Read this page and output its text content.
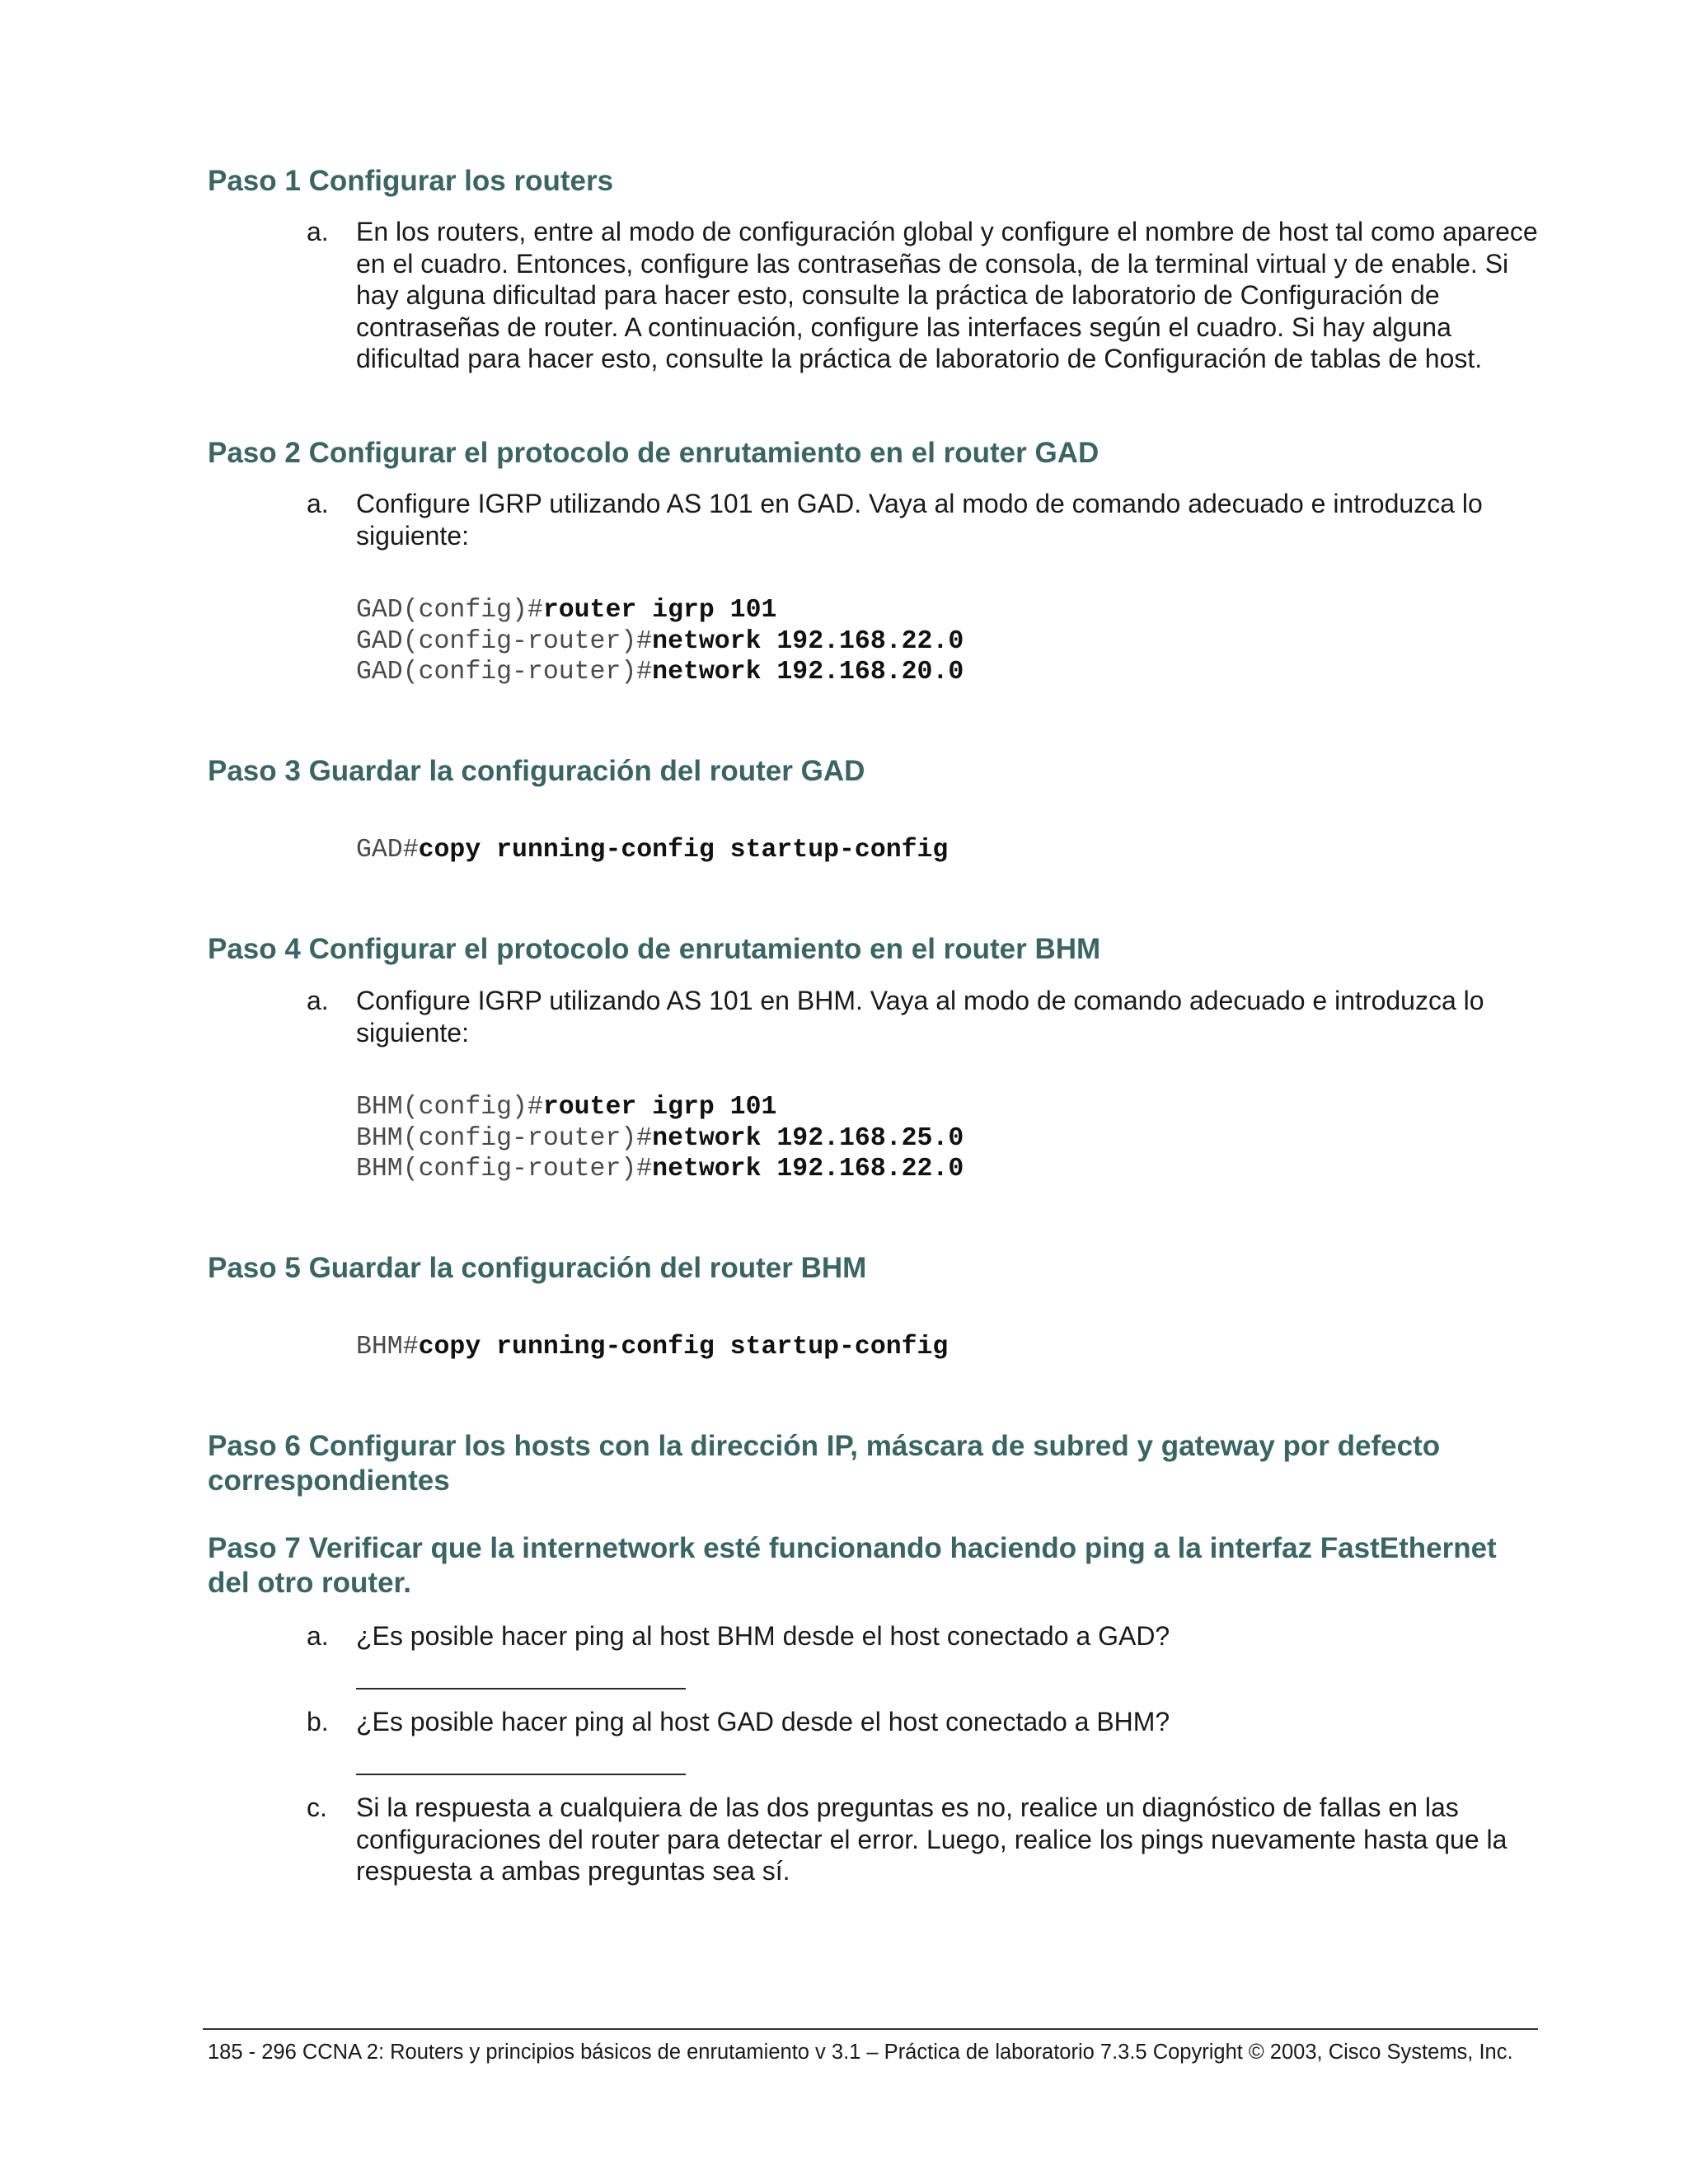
Paso 1 Configurar los routers
a. En los routers, entre al modo de configuración global y configure el nombre de host tal como aparece en el cuadro. Entonces, configure las contraseñas de consola, de la terminal virtual y de enable. Si hay alguna dificultad para hacer esto, consulte la práctica de laboratorio de Configuración de contraseñas de router. A continuación, configure las interfaces según el cuadro. Si hay alguna dificultad para hacer esto, consulte la práctica de laboratorio de Configuración de tablas de host.
Paso 2 Configurar el protocolo de enrutamiento en el router GAD
a. Configure IGRP utilizando AS 101 en GAD. Vaya al modo de comando adecuado e introduzca lo siguiente:
GAD(config)#router igrp 101
GAD(config-router)#network 192.168.22.0
GAD(config-router)#network 192.168.20.0
Paso 3 Guardar la configuración del router GAD
GAD#copy running-config startup-config
Paso 4 Configurar el protocolo de enrutamiento en el router BHM
a. Configure IGRP utilizando AS 101 en BHM. Vaya al modo de comando adecuado e introduzca lo siguiente:
BHM(config)#router igrp 101
BHM(config-router)#network 192.168.25.0
BHM(config-router)#network 192.168.22.0
Paso 5 Guardar la configuración del router BHM
BHM#copy running-config startup-config
Paso 6 Configurar los hosts con la dirección IP, máscara de subred y gateway por defecto correspondientes
Paso 7 Verificar que la internetwork esté funcionando haciendo ping a la interfaz FastEthernet del otro router.
a. ¿Es posible hacer ping al host BHM desde el host conectado a GAD?
b. ¿Es posible hacer ping al host GAD desde el host conectado a BHM?
c. Si la respuesta a cualquiera de las dos preguntas es no, realice un diagnóstico de fallas en las configuraciones del router para detectar el error. Luego, realice los pings nuevamente hasta que la respuesta a ambas preguntas sea sí.
185 - 296 CCNA 2: Routers y principios básicos de enrutamiento v 3.1 – Práctica de laboratorio 7.3.5 Copyright © 2003, Cisco Systems, Inc.
